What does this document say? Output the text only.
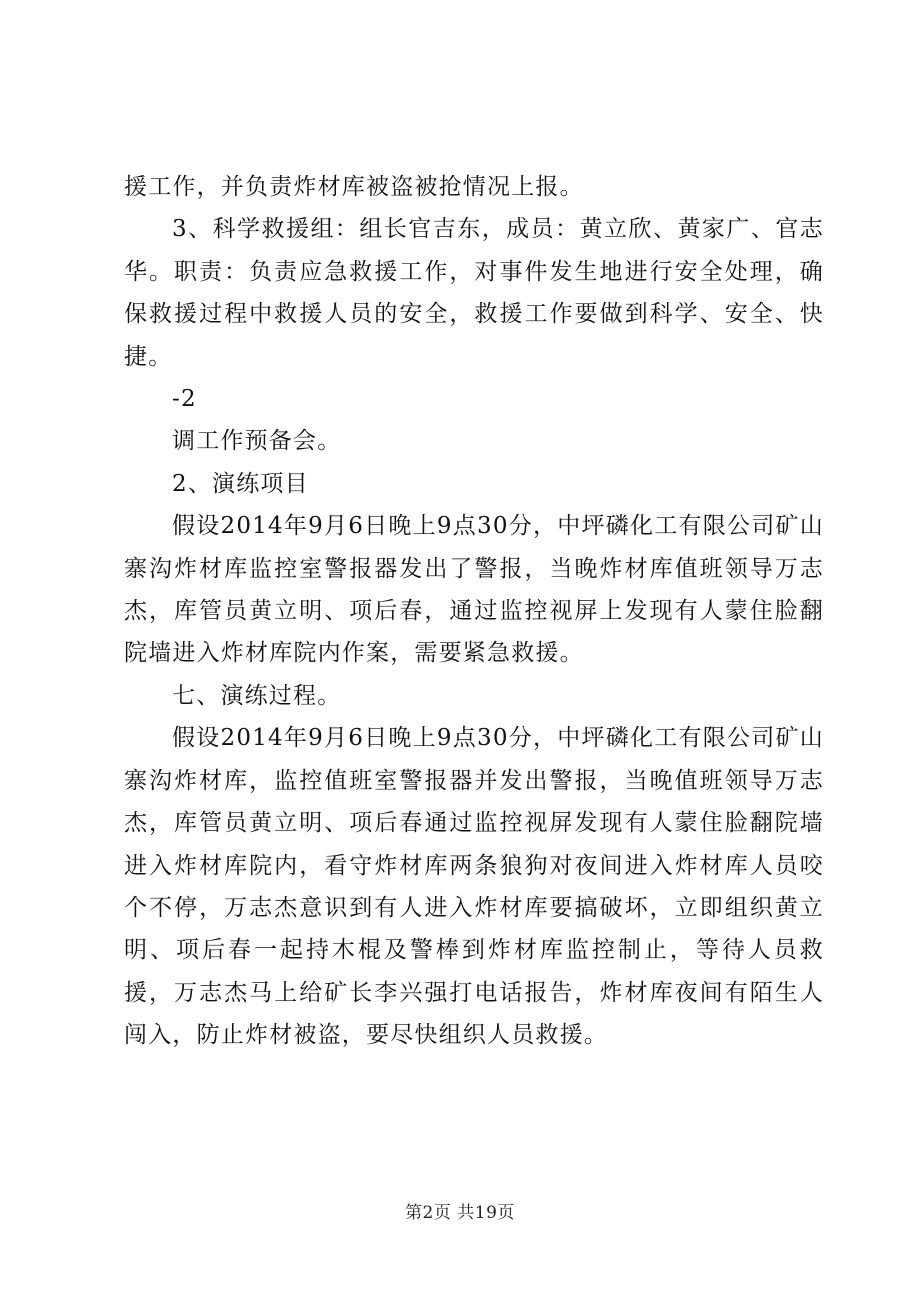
援工作，并负责炸材库被盗被抢情况上报。

3、科学救援组：组长官吉东，成员：黄立欣、黄家广、官志华。职责：负责应急救援工作，对事件发生地进行安全处理，确保救援过程中救援人员的安全，救援工作要做到科学、安全、快捷。

-2

调工作预备会。

2、演练项目

假设2014年9月6日晚上9点30分，中坪磷化工有限公司矿山寨沟炸材库监控室警报器发出了警报，当晚炸材库值班领导万志杰，库管员黄立明、项后春，通过监控视屏上发现有人蒙住脸翻院墙进入炸材库院内作案，需要紧急救援。

七、演练过程。

假设2014年9月6日晚上9点30分，中坪磷化工有限公司矿山寨沟炸材库，监控值班室警报器并发出警报，当晚值班领导万志杰，库管员黄立明、项后春通过监控视屏发现有人蒙住脸翻院墙进入炸材库院内，看守炸材库两条狼狗对夜间进入炸材库人员咬个不停，万志杰意识到有人进入炸材库要搞破坏，立即组织黄立明、项后春一起持木棍及警棒到炸材库监控制止，等待人员救援，万志杰马上给矿长李兴强打电话报告，炸材库夜间有陌生人闯入，防止炸材被盗，要尽快组织人员救援。

第2页 共19页
